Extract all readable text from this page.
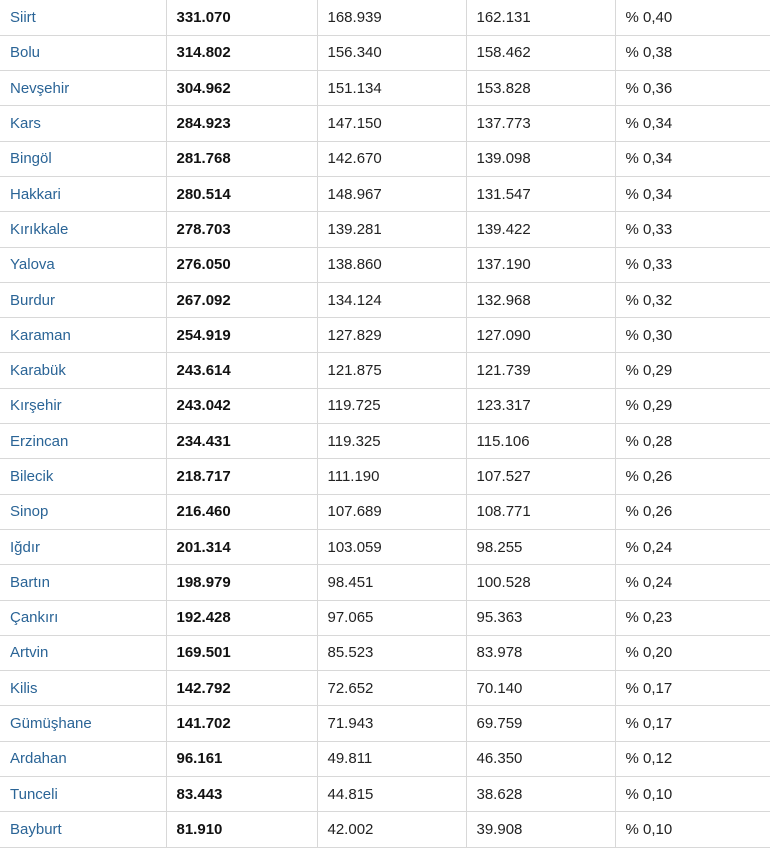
Siirt	331.070	168.939	162.131	% 0,40
Bolu	314.802	156.340	158.462	% 0,38
Nevşehir	304.962	151.134	153.828	% 0,36
Kars	284.923	147.150	137.773	% 0,34
Bingöl	281.768	142.670	139.098	% 0,34
Hakkari	280.514	148.967	131.547	% 0,34
Kırıkkale	278.703	139.281	139.422	% 0,33
Yalova	276.050	138.860	137.190	% 0,33
Burdur	267.092	134.124	132.968	% 0,32
Karaman	254.919	127.829	127.090	% 0,30
Karabük	243.614	121.875	121.739	% 0,29
Kırşehir	243.042	119.725	123.317	% 0,29
Erzincan	234.431	119.325	115.106	% 0,28
Bilecik	218.717	111.190	107.527	% 0,26
Sinop	216.460	107.689	108.771	% 0,26
Iğdır	201.314	103.059	98.255	% 0,24
Bartın	198.979	98.451	100.528	% 0,24
Çankırı	192.428	97.065	95.363	% 0,23
Artvin	169.501	85.523	83.978	% 0,20
Kilis	142.792	72.652	70.140	% 0,17
Gümüşhane	141.702	71.943	69.759	% 0,17
Ardahan	96.161	49.811	46.350	% 0,12
Tunceli	83.443	44.815	38.628	% 0,10
Bayburt	81.910	42.002	39.908	% 0,10
